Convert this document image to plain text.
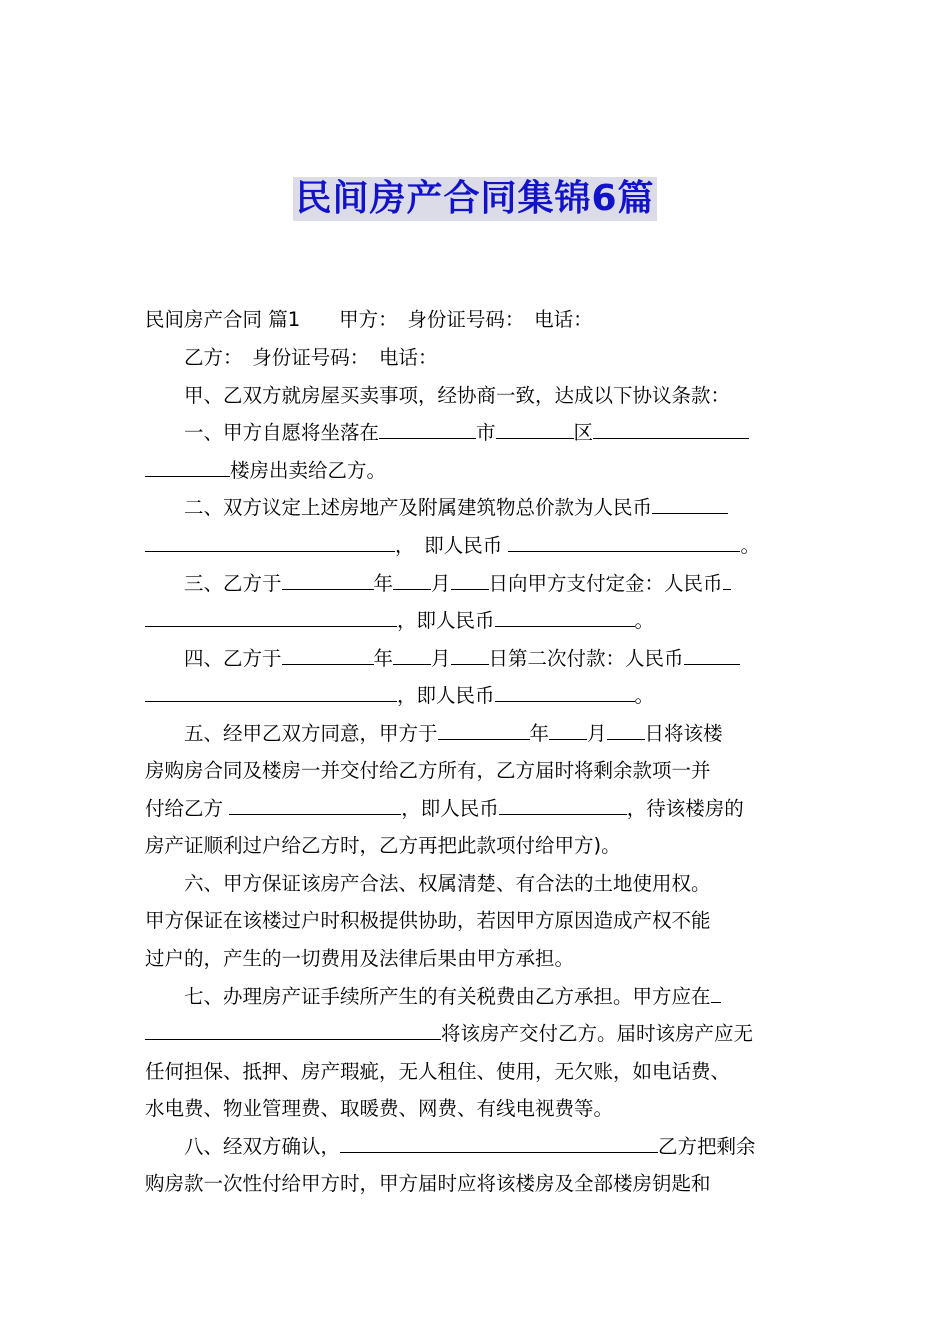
民间房产合同集锦6篇
民间房产合同 篇1　　甲方：　身份证号码：　电话：
　　乙方：　身份证号码：　电话：
　　甲、乙双方就房屋买卖事项，经协商一致，达成以下协议条款：
　　一、甲方自愿将坐落在	市	区
楼房出卖给乙方。
　　二、双方议定上述房地产及附属建筑物总价款为人民币
，　即人民币	。
　　三、乙方于	年 月 日向甲方支付定金：人民币
，即人民币	。
　　四、乙方于	年 月 日第二次付款：人民币
，即人民币	。
　　五、经甲乙双方同意，甲方于	年 月 日将该楼
房购房合同及楼房一并交付给乙方所有，乙方届时将剩余款项一并
付给乙方	，即人民币	，待该楼房的
房产证顺利过户给乙方时，乙方再把此款项付给甲方)。
　　六、甲方保证该房产合法、权属清楚、有合法的土地使用权。
甲方保证在该楼过户时积极提供协助，若因甲方原因造成产权不能
过户的，产生的一切费用及法律后果由甲方承担。
　　七、办理房产证手续所产生的有关税费由乙方承担。甲方应在
将该房产交付乙方。届时该房产应无
任何担保、抵押、房产瑕疵，无人租住、使用，无欠账，如电话费、
水电费、物业管理费、取暖费、网费、有线电视费等。
　　八、经双方确认，	乙方把剩余
购房款一次性付给甲方时，甲方届时应将该楼房及全部楼房钥匙和
